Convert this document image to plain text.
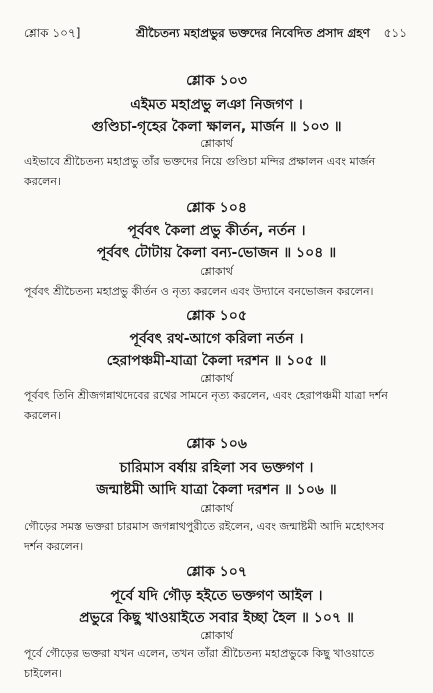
শ্লোক ১০৭]	শ্রীচৈতন্য মহাপ্রভুর ভক্তদের নিবেদিত প্রসাদ গ্রহণ ৫১১
শ্লোক ১০৩
এইমত মহাপ্রভু লঞা নিজগণ ।
গুণ্ডিচা-গৃহের কৈলা ক্ষালন, মার্জন ॥ ১০৩ ॥
শ্লোকার্থ
এইভাবে শ্রীচৈতন্য মহাপ্রভু তাঁর ভক্তদের নিয়ে গুণ্ডিচা মন্দির প্রক্ষালন এবং মার্জন
করলেন।
শ্লোক ১০৪
পূর্ববৎ কৈলা প্রভু কীর্তন, নর্তন ।
পূর্ববৎ টোটায় কৈলা বন্য-ভোজন ॥ ১০৪ ॥
শ্লোকার্থ
পূর্ববৎ শ্রীচৈতন্য মহাপ্রভু কীর্তন ও নৃত্য করলেন এবং উদ্যানে বনভোজন করলেন।
শ্লোক ১০৫
পূর্ববৎ রথ-আগে করিলা নর্তন ।
হেরাপঞ্চমী-যাত্রা কৈলা দরশন ॥ ১০৫ ॥
শ্লোকার্থ
পূর্ববৎ তিনি শ্রীজগন্নাথদেবের রথের সামনে নৃত্য করলেন, এবং হেরাপঞ্চমী যাত্রা দর্শন
করলেন।
শ্লোক ১০৬
চারিমাস বর্ষায় রহিলা সব ভক্তগণ ।
জন্মাষ্টমী আদি যাত্রা কৈলা দরশন ॥ ১০৬ ॥
শ্লোকার্থ
গৌড়ের সমস্ত ভক্তরা চারমাস জগন্নাথপুরীতে রইলেন, এবং জন্মাষ্টমী আদি মহোৎসব
দর্শন করলেন।
শ্লোক ১০৭
পূর্বে যদি গৌড় হইতে ভক্তগণ আইল ।
প্রভুরে কিছু খাওয়াইতে সবার ইচ্ছা হৈল ॥ ১০৭ ॥
শ্লোকার্থ
পূর্বে গৌড়ের ভক্তরা যখন এলেন, তখন তাঁরা শ্রীচৈতন্য মহাপ্রভুকে কিছু খাওয়াতে
চাইলেন।
